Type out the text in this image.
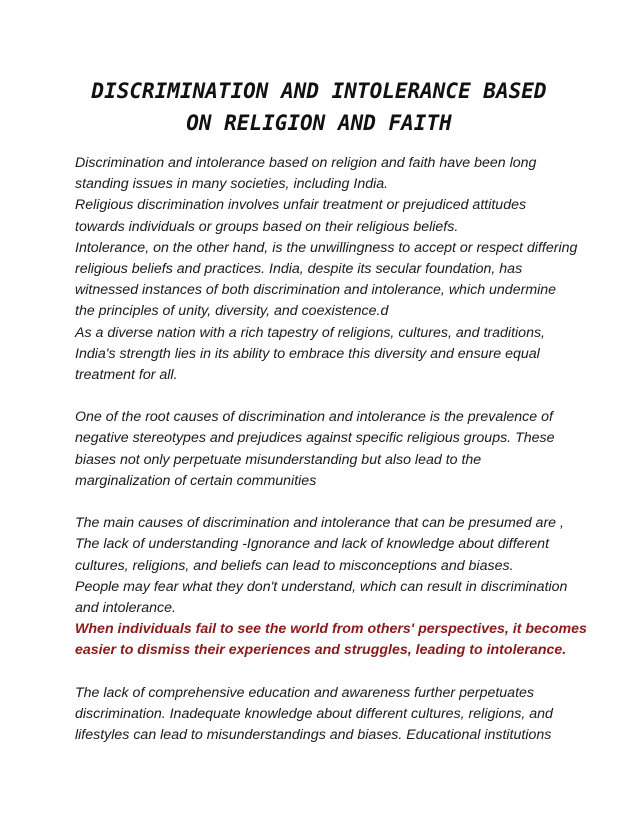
DISCRIMINATION AND INTOLERANCE BASED
ON RELIGION AND FAITH
Discrimination and intolerance based on religion and faith have been long
standing issues in many societies, including India.
Religious discrimination involves unfair treatment or prejudiced attitudes
towards individuals or groups based on their religious beliefs.
Intolerance, on the other hand, is the unwillingness to accept or respect differing
religious beliefs and practices. India, despite its secular foundation, has
witnessed instances of both discrimination and intolerance, which undermine
the principles of unity, diversity, and coexistence.d
As a diverse nation with a rich tapestry of religions, cultures, and traditions,
India's strength lies in its ability to embrace this diversity and ensure equal
treatment for all.
One of the root causes of discrimination and intolerance is the prevalence of
negative stereotypes and prejudices against specific religious groups. These
biases not only perpetuate misunderstanding but also lead to the
marginalization of certain communities
The main causes of discrimination and intolerance that can be presumed are ,
The lack of understanding -Ignorance and lack of knowledge about different
cultures, religions, and beliefs can lead to misconceptions and biases.
People may fear what they don't understand, which can result in discrimination
and intolerance.
When individuals fail to see the world from others' perspectives, it becomes
easier to dismiss their experiences and struggles, leading to intolerance.
The lack of comprehensive education and awareness further perpetuates
discrimination. Inadequate knowledge about different cultures, religions, and
lifestyles can lead to misunderstandings and biases. Educational institutions
